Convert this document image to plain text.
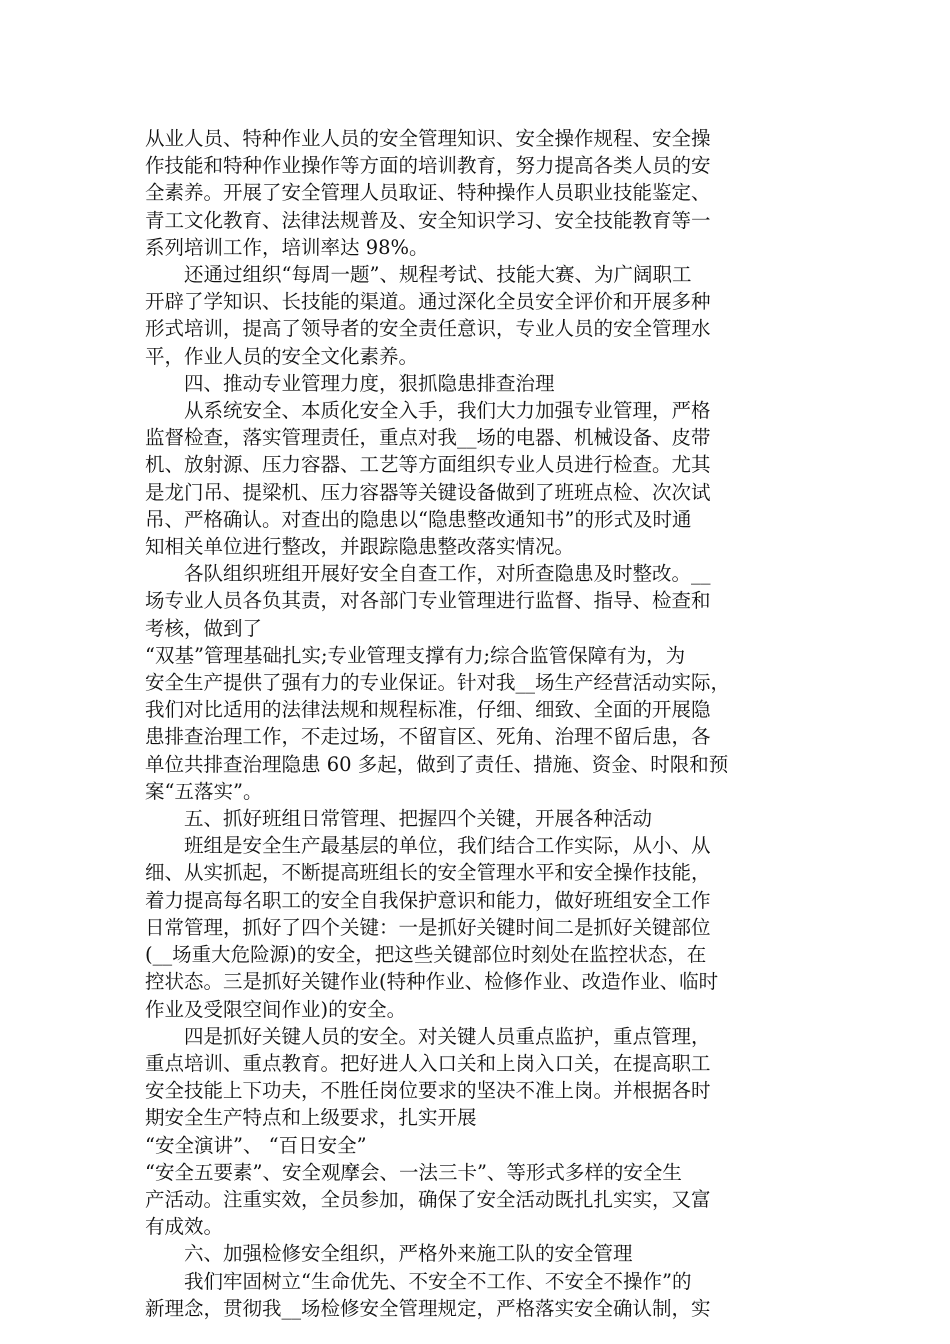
从业人员、特种作业人员的安全管理知识、安全操作规程、安全操
作技能和特种作业操作等方面的培训教育，努力提高各类人员的安
全素养。开展了安全管理人员取证、特种操作人员职业技能鉴定、
青工文化教育、法律法规普及、安全知识学习、安全技能教育等一
系列培训工作，培训率达 98%。
还通过组织“每周一题”、规程考试、技能大赛、为广阔职工
开辟了学知识、长技能的渠道。通过深化全员安全评价和开展多种
形式培训，提高了领导者的安全责任意识，专业人员的安全管理水
平，作业人员的安全文化素养。
四、推动专业管理力度，狠抓隐患排查治理
从系统安全、本质化安全入手，我们大力加强专业管理，严格
监督检查，落实管理责任，重点对我__场的电器、机械设备、皮带
机、放射源、压力容器、工艺等方面组织专业人员进行检查。尤其
是龙门吊、提梁机、压力容器等关键设备做到了班班点检、次次试
吊、严格确认。对查出的隐患以“隐患整改通知书”的形式及时通
知相关单位进行整改，并跟踪隐患整改落实情况。
各队组织班组开展好安全自查工作，对所查隐患及时整改。__
场专业人员各负其责，对各部门专业管理进行监督、指导、检查和
考核，做到了
“双基”管理基础扎实;专业管理支撑有力;综合监管保障有为，为
安全生产提供了强有力的专业保证。针对我__场生产经营活动实际，
我们对比适用的法律法规和规程标准，仔细、细致、全面的开展隐
患排查治理工作，不走过场，不留盲区、死角、治理不留后患，各
单位共排查治理隐患 60 多起，做到了责任、措施、资金、时限和预
案“五落实”。
五、抓好班组日常管理、把握四个关键，开展各种活动
班组是安全生产最基层的单位，我们结合工作实际，从小、从
细、从实抓起，不断提高班组长的安全管理水平和安全操作技能，
着力提高每名职工的安全自我保护意识和能力，做好班组安全工作
日常管理，抓好了四个关键：一是抓好关键时间二是抓好关键部位
(__场重大危险源)的安全，把这些关键部位时刻处在监控状态，在
控状态。三是抓好关键作业(特种作业、检修作业、改造作业、临时
作业及受限空间作业)的安全。
四是抓好关键人员的安全。对关键人员重点监护，重点管理，
重点培训、重点教育。把好进人入口关和上岗入口关，在提高职工
安全技能上下功夫，不胜任岗位要求的坚决不准上岗。并根据各时
期安全生产特点和上级要求，扎实开展
“安全演讲”、 “百日安全”
“安全五要素”、安全观摩会、一法三卡”、等形式多样的安全生
产活动。注重实效，全员参加，确保了安全活动既扎扎实实，又富
有成效。
六、加强检修安全组织，严格外来施工队的安全管理
我们牢固树立“生命优先、不安全不工作、不安全不操作”的
新理念，贯彻我__场检修安全管理规定，严格落实安全确认制，实
